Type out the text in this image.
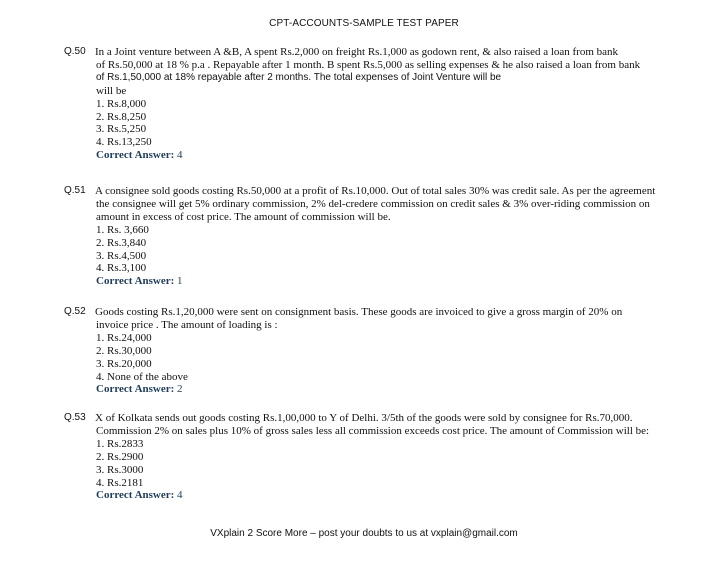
CPT-ACCOUNTS-SAMPLE TEST PAPER
Q.50 In a Joint venture between A &B, A spent Rs.2,000 on freight Rs.1,000 as godown rent, & also raised a loan from bank
of Rs.50,000 at 18 % p.a . Repayable after 1 month. B spent Rs.5,000 as selling expenses & he also raised a loan from bank
of Rs.1,50,000 at 18% repayable after 2 months. The total expenses of Joint Venture will be
will be
1. Rs.8,000
2. Rs.8,250
3. Rs.5,250
4. Rs.13,250
Correct Answer: 4
Q.51 A consignee sold goods costing Rs.50,000 at a profit of Rs.10,000. Out of total sales 30% was credit sale. As per the agreement
the consignee will get 5% ordinary commission, 2% del-credere commission on credit sales & 3% over-riding commission on
amount in excess of cost price. The amount of commission will be.
1. Rs. 3,660
2. Rs.3,840
3. Rs.4,500
4. Rs.3,100
Correct Answer: 1
Q.52 Goods costing Rs.1,20,000 were sent on consignment basis. These goods are invoiced to give a gross margin of 20% on
invoice price . The amount of loading is :
1. Rs.24,000
2. Rs.30,000
3. Rs.20,000
4. None of the above
Correct Answer: 2
Q.53 X of Kolkata sends out goods costing Rs.1,00,000 to Y of Delhi. 3/5th of the goods were sold by consignee for Rs.70,000.
Commission 2% on sales plus 10% of gross sales less all commission exceeds cost price. The amount of Commission will be:
1. Rs.2833
2. Rs.2900
3. Rs.3000
4. Rs.2181
Correct Answer: 4
VXplain 2 Score More – post your doubts to us at vxplain@gmail.com
